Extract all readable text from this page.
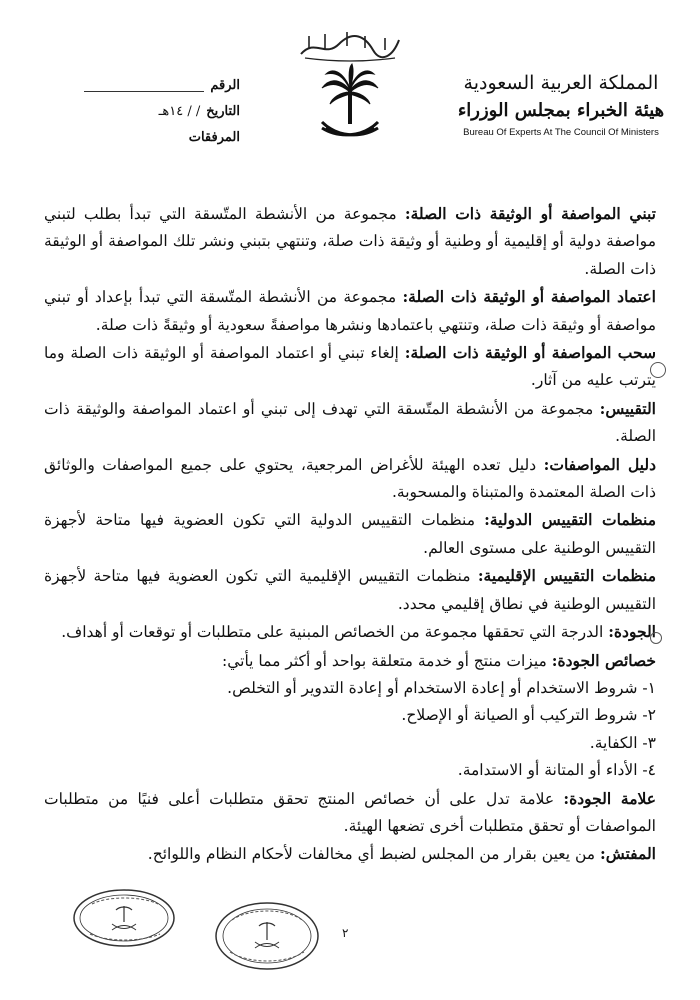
المملكة العربية السعودية
هيئة الخبراء بمجلس الوزراء
Bureau Of Experts At The Council Of Ministers
الرقم
التاريخ
/ / ١٤هـ
المرفقات

تبني المواصفة أو الوثيقة ذات الصلة: مجموعة من الأنشطة المتّسقة التي تبدأ بطلب لتبني مواصفة دولية أو إقليمية أو وطنية أو وثيقة ذات صلة، وتنتهي بتبني ونشر تلك المواصفة أو الوثيقة ذات الصلة.

اعتماد المواصفة أو الوثيقة ذات الصلة: مجموعة من الأنشطة المتّسقة التي تبدأ بإعداد أو تبني مواصفة أو وثيقة ذات صلة، وتنتهي باعتمادها ونشرها مواصفةً سعودية أو وثيقةً ذات صلة.

سحب المواصفة أو الوثيقة ذات الصلة: إلغاء تبني أو اعتماد المواصفة أو الوثيقة ذات الصلة وما يترتب عليه من آثار.

التقييس: مجموعة من الأنشطة المتّسقة التي تهدف إلى تبني أو اعتماد المواصفة والوثيقة ذات الصلة.

دليل المواصفات: دليل تعده الهيئة للأغراض المرجعية، يحتوي على جميع المواصفات والوثائق ذات الصلة المعتمدة والمتبناة والمسحوبة.

منظمات التقييس الدولية: منظمات التقييس الدولية التي تكون العضوية فيها متاحة لأجهزة التقييس الوطنية على مستوى العالم.

منظمات التقييس الإقليمية: منظمات التقييس الإقليمية التي تكون العضوية فيها متاحة لأجهزة التقييس الوطنية في نطاق إقليمي محدد.

الجودة: الدرجة التي تحققها مجموعة من الخصائص المبنية على متطلبات أو توقعات أو أهداف.

خصائص الجودة: ميزات منتج أو خدمة متعلقة بواحد أو أكثر مما يأتي:

١- شروط الاستخدام أو إعادة الاستخدام أو إعادة التدوير أو التخلص.

٢- شروط التركيب أو الصيانة أو الإصلاح.

٣- الكفاية.

٤- الأداء أو المتانة أو الاستدامة.

علامة الجودة: علامة تدل على أن خصائص المنتج تحقق متطلبات أعلى فنيًا من متطلبات المواصفات أو تحقق متطلبات أخرى تضعها الهيئة.

المفتش: من يعين بقرار من المجلس لضبط أي مخالفات لأحكام النظام واللوائح.

٢
